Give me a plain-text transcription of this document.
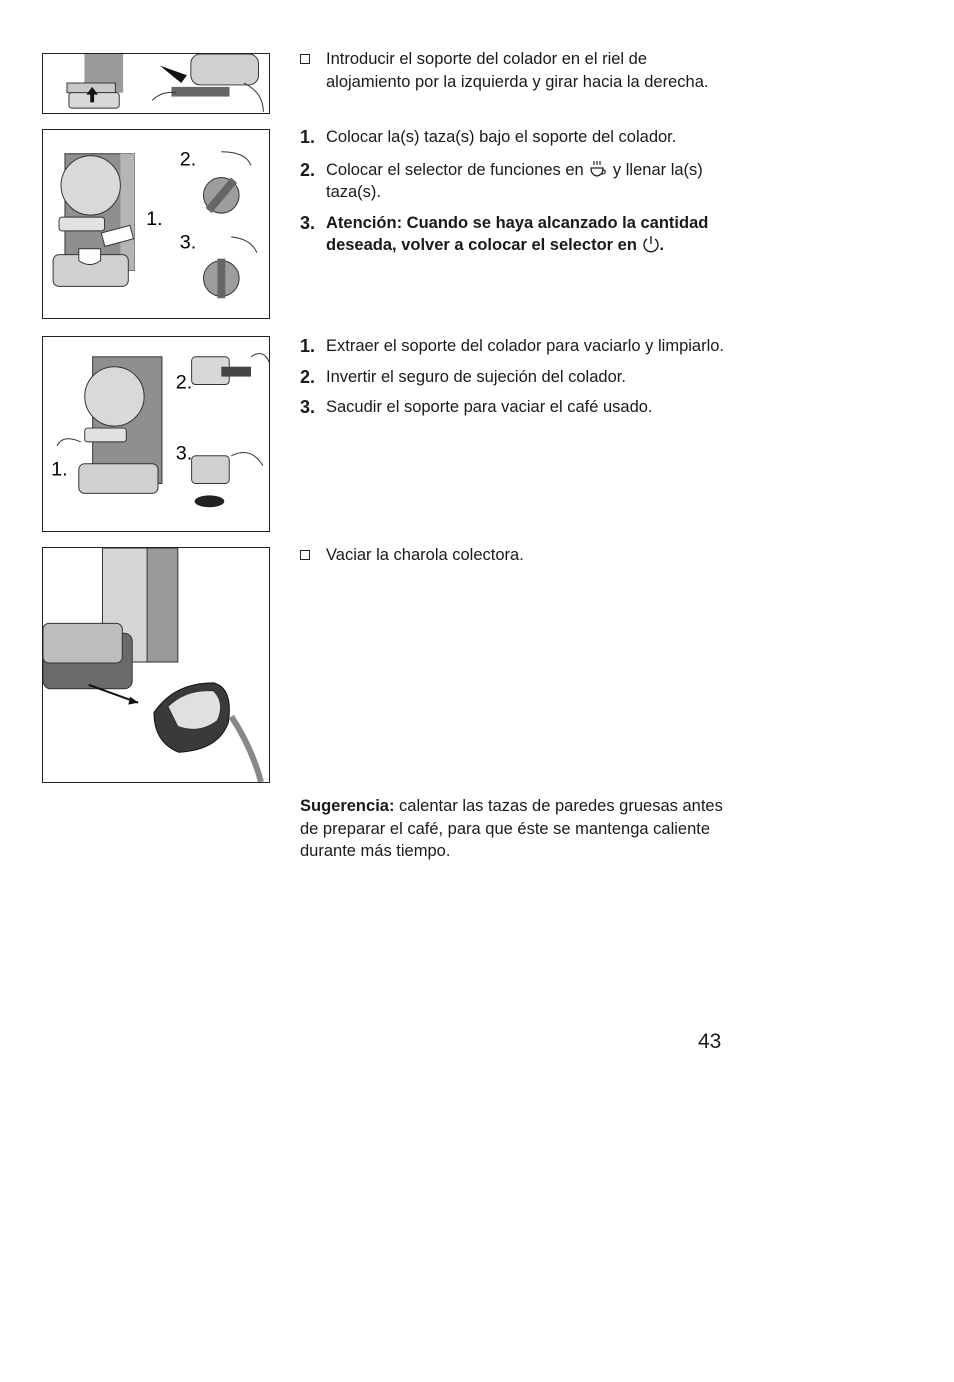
2.
1.
3.
2.
3.
1.

Introducir el soporte del colador en el riel de alojamiento por la izquierda y girar hacia la derecha.

1. Colocar la(s) taza(s) bajo el soporte del colador.

2. Colocar el selector de funciones en y llenar la(s) taza(s).

3. Atención: Cuando se haya alcanzado la cantidad deseada, volver a colocar el selector en .

1. Extraer el soporte del colador para vaciarlo y limpiarlo.

2. Invertir el seguro de sujeción del colador.

3. Sacudir el soporte para vaciar el café usado.

Vaciar la charola colectora.

Sugerencia: calentar las tazas de paredes gruesas antes de preparar el café, para que éste se mantenga caliente durante más tiempo.
43
